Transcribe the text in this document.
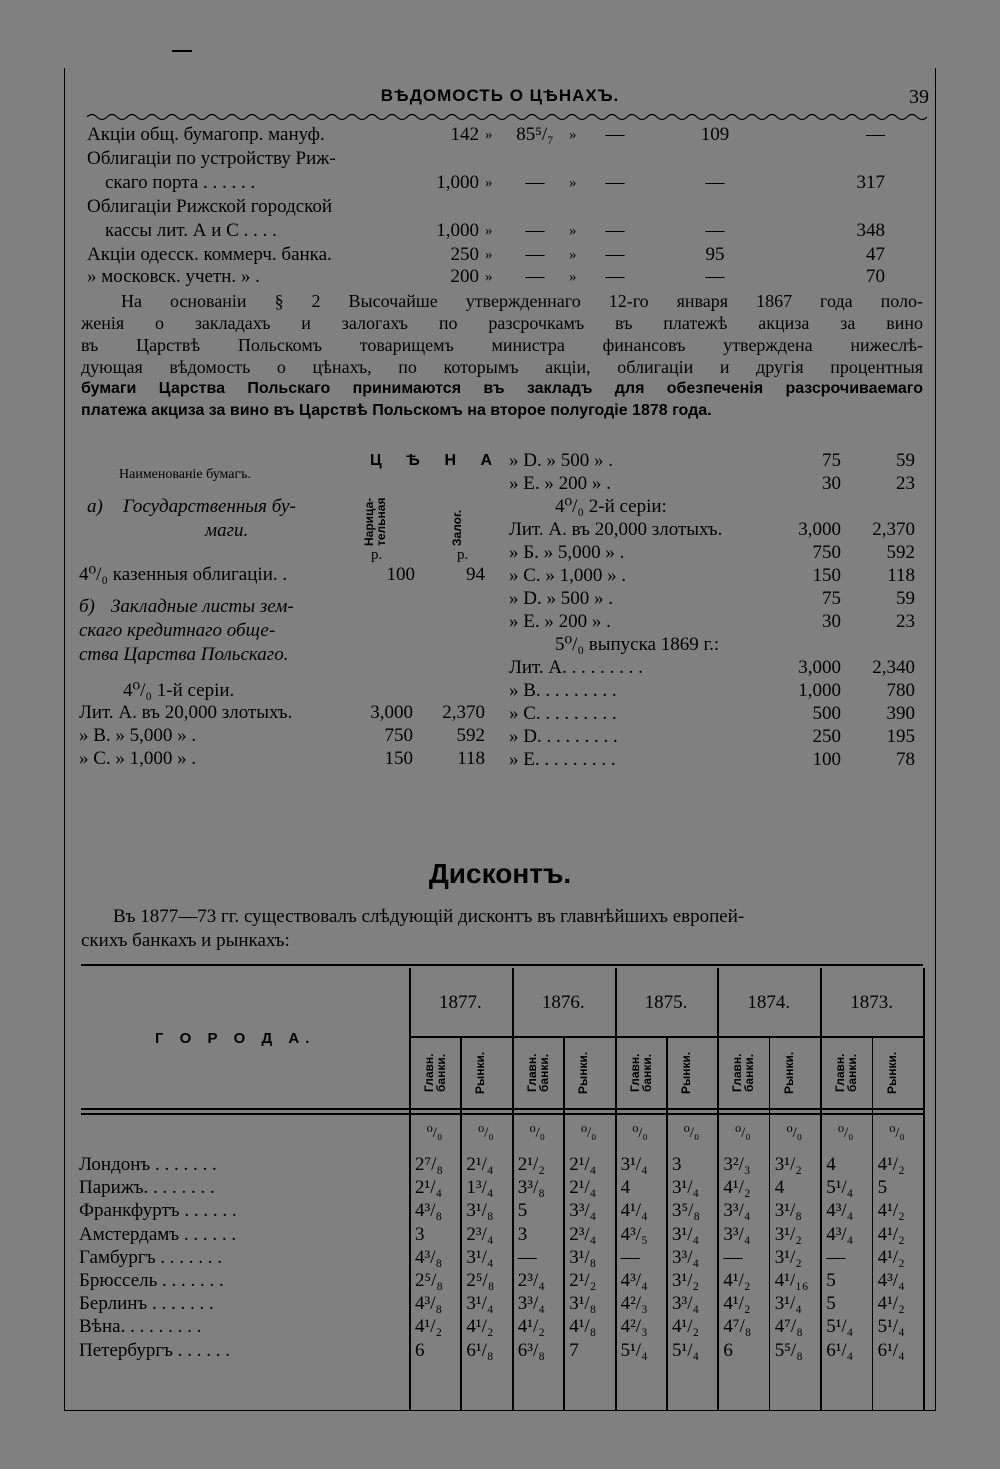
ВѢДОМОСТЬ О ЦѢНАХЪ.	39
Акціи общ. бумагопр. мануф.	142 »	85⁵/₇	»	—	109	—
Облигаціи по устройству Риж-
скаго порта . . . . . .	1,000 »	—	»	—	—	317
Облигаціи Рижской городской
кассы лит. А и С . . . .	1,000 »	—	»	—	—	348
Акціи одесск. коммерч. банка.	250 »	—	»	—	95	47
» московск. учетн. » .	200 »	—	»	—	—	70
На основаніи § 2 Высочайше утвержденнаго 12-го января 1867 года поло-
женія о закладахъ и залогахъ по разсрочкамъ въ платежѣ акциза за вино
въ Царствѣ Польскомъ товарищемъ министра финансовъ утверждена нижеслѣ-
дующая вѣдомость о цѣнахъ, по которымъ акціи, облигаціи и другія процентныя
бумаги Царства Польскаго принимаются въ закладъ для обезпеченія разсрочиваемаго
платежа акциза за вино въ Царствѣ Польскомъ на второе полугодіе 1878 года.
Наименованіе бумагъ.
Ц Ѣ Н А
Нарица-тельная	Залог.
а) Государственныя бу-
маги.
р.	р.
4⁰/₀ казенныя облигаціи. .	100	94
б) Закладные листы зем-
скаго кредитнаго обще-
ства Царства Польскаго.
4⁰/₀ 1-й серіи.
Лит. А. въ 20,000 злотыхъ.	3,000	2,370
» В. » 5,000 » .	750	592
» С. » 1,000 » .	150	118
» D. » 500 » .	75	59
» Е. » 200 » .	30	23
4⁰/₀ 2-й серіи:
Лит. А. въ 20,000 злотыхъ.	3,000	2,370
» Б. » 5,000 » .	750	592
» С. » 1,000 » .	150	118
» D. » 500 » .	75	59
» Е. » 200 » .	30	23
5⁰/₀ выпуска 1869 г.:
Лит. А. . . . . . . . .	3,000	2,340
» В. . . . . . . . .	1,000	780
» С. . . . . . . . .	500	390
» D. . . . . . . . .	250	195
» Е. . . . . . . . .	100	78
Дисконтъ.
Въ 1877—73 гг. существовалъ слѣдующій дисконтъ въ главнѣйшихъ европей-
скихъ банкахъ и рынкахъ:
Г О Р О Д А.
1877.	1876.	1875.	1874.	1873.
Главн. банки.
⁰/₀
Рынки.
⁰/₀
Главн. банки.
⁰/₀
Рынки.
⁰/₀
Главн. банки.
⁰/₀
Рынки.
⁰/₀
Главн. банки.
⁰/₀
Рынки.
⁰/₀
Главн. банки.
⁰/₀
Рынки.
⁰/₀
Лондонъ . . . . . . .	2⁷/₈ 2¹/₄ 2¹/₂ 2¹/₄ 3¹/₄ 3 3²/₃ 3¹/₂ 4 4¹/₂
Парижъ. . . . . . . .	2¹/₄ 1³/₄ 3³/₈ 2¹/₄ 4 3¹/₄ 4¹/₂ 4 5¹/₄ 5
Франкфуртъ . . . . . .	4³/₈ 3¹/₈ 5 3³/₄ 4¹/₄ 3⁵/₈ 3³/₄ 3¹/₈ 4³/₄ 4¹/₂
Амстердамъ . . . . . .	3 2³/₄ 3 2³/₄ 4³/₅ 3¹/₄ 3³/₄ 3¹/₂ 4³/₄ 4¹/₂
Гамбургъ . . . . . . .	4³/₈ 3¹/₄ — 3¹/₈ — 3³/₄ — 3¹/₂ — 4¹/₂
Брюссель . . . . . . .	2⁵/₈ 2⁵/₈ 2³/₄ 2¹/₂ 4³/₄ 3¹/₂ 4¹/₂ 4¹/₁₆ 5 4³/₄
Берлинъ . . . . . . .	4³/₈ 3¹/₄ 3³/₄ 3¹/₈ 4²/₃ 3³/₄ 4¹/₂ 3¹/₄ 5 4¹/₂
Вѣна. . . . . . . . .	4¹/₂ 4¹/₂ 4¹/₂ 4¹/₈ 4²/₃ 4¹/₂ 4⁷/₈ 4⁷/₈ 5¹/₄ 5¹/₄
Петербургъ . . . . . .	6 6¹/₈ 6³/₈ 7 5¹/₄ 5¹/₄ 6 5⁵/₈ 6¹/₄ 6¹/₄
